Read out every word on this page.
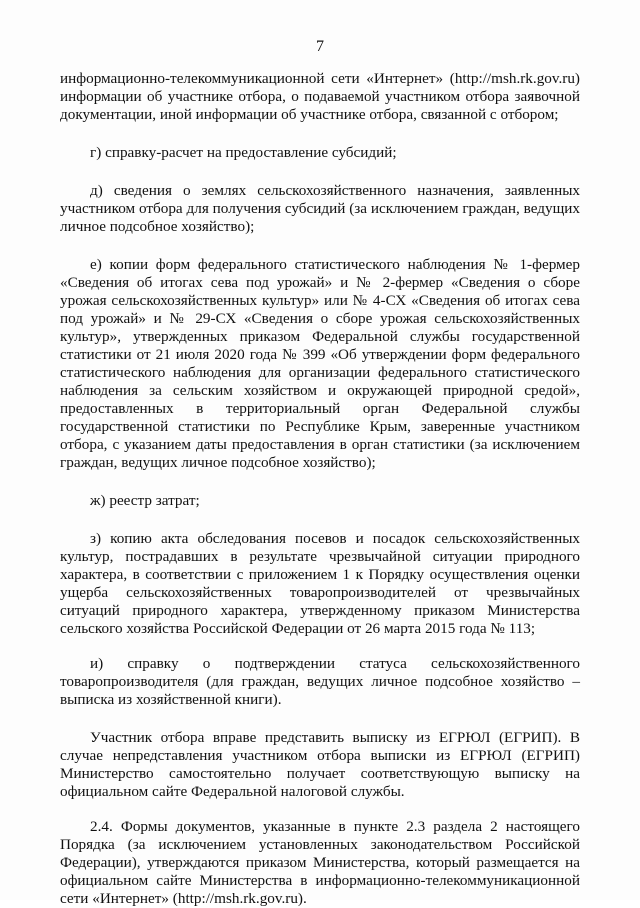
7

информационно-телекоммуникационной сети «Интернет» (http://msh.rk.gov.ru) информации об участнике отбора, о подаваемой участником отбора заявочной документации, иной информации об участнике отбора, связанной с отбором;

г) справку-расчет на предоставление субсидий;

д) сведения о землях сельскохозяйственного назначения, заявленных участником отбора для получения субсидий (за исключением граждан, ведущих личное подсобное хозяйство);

е) копии форм федерального статистического наблюдения № 1-фермер «Сведения об итогах сева под урожай» и № 2-фермер «Сведения о сборе урожая сельскохозяйственных культур» или № 4-СХ «Сведения об итогах сева под урожай» и № 29-СХ «Сведения о сборе урожая сельскохозяйственных культур», утвержденных приказом Федеральной службы государственной статистики от 21 июля 2020 года № 399 «Об утверждении форм федерального статистического наблюдения для организации федерального статистического наблюдения за сельским хозяйством и окружающей природной средой», предоставленных в территориальный орган Федеральной службы государственной статистики по Республике Крым, заверенные участником отбора, с указанием даты предоставления в орган статистики (за исключением граждан, ведущих личное подсобное хозяйство);

ж) реестр затрат;

з) копию акта обследования посевов и посадок сельскохозяйственных культур, пострадавших в результате чрезвычайной ситуации природного характера, в соответствии с приложением 1 к Порядку осуществления оценки ущерба сельскохозяйственных товаропроизводителей от чрезвычайных ситуаций природного характера, утвержденному приказом Министерства сельского хозяйства Российской Федерации от 26 марта 2015 года № 113;

и) справку о подтверждении статуса сельскохозяйственного товаропроизводителя (для граждан, ведущих личное подсобное хозяйство – выписка из хозяйственной книги).

Участник отбора вправе представить выписку из ЕГРЮЛ (ЕГРИП). В случае непредставления участником отбора выписки из ЕГРЮЛ (ЕГРИП) Министерство самостоятельно получает соответствующую выписку на официальном сайте Федеральной налоговой службы.

2.4. Формы документов, указанные в пункте 2.3 раздела 2 настоящего Порядка (за исключением установленных законодательством Российской Федерации), утверждаются приказом Министерства, который размещается на официальном сайте Министерства в информационно-телекоммуникационной сети «Интернет» (http://msh.rk.gov.ru).
